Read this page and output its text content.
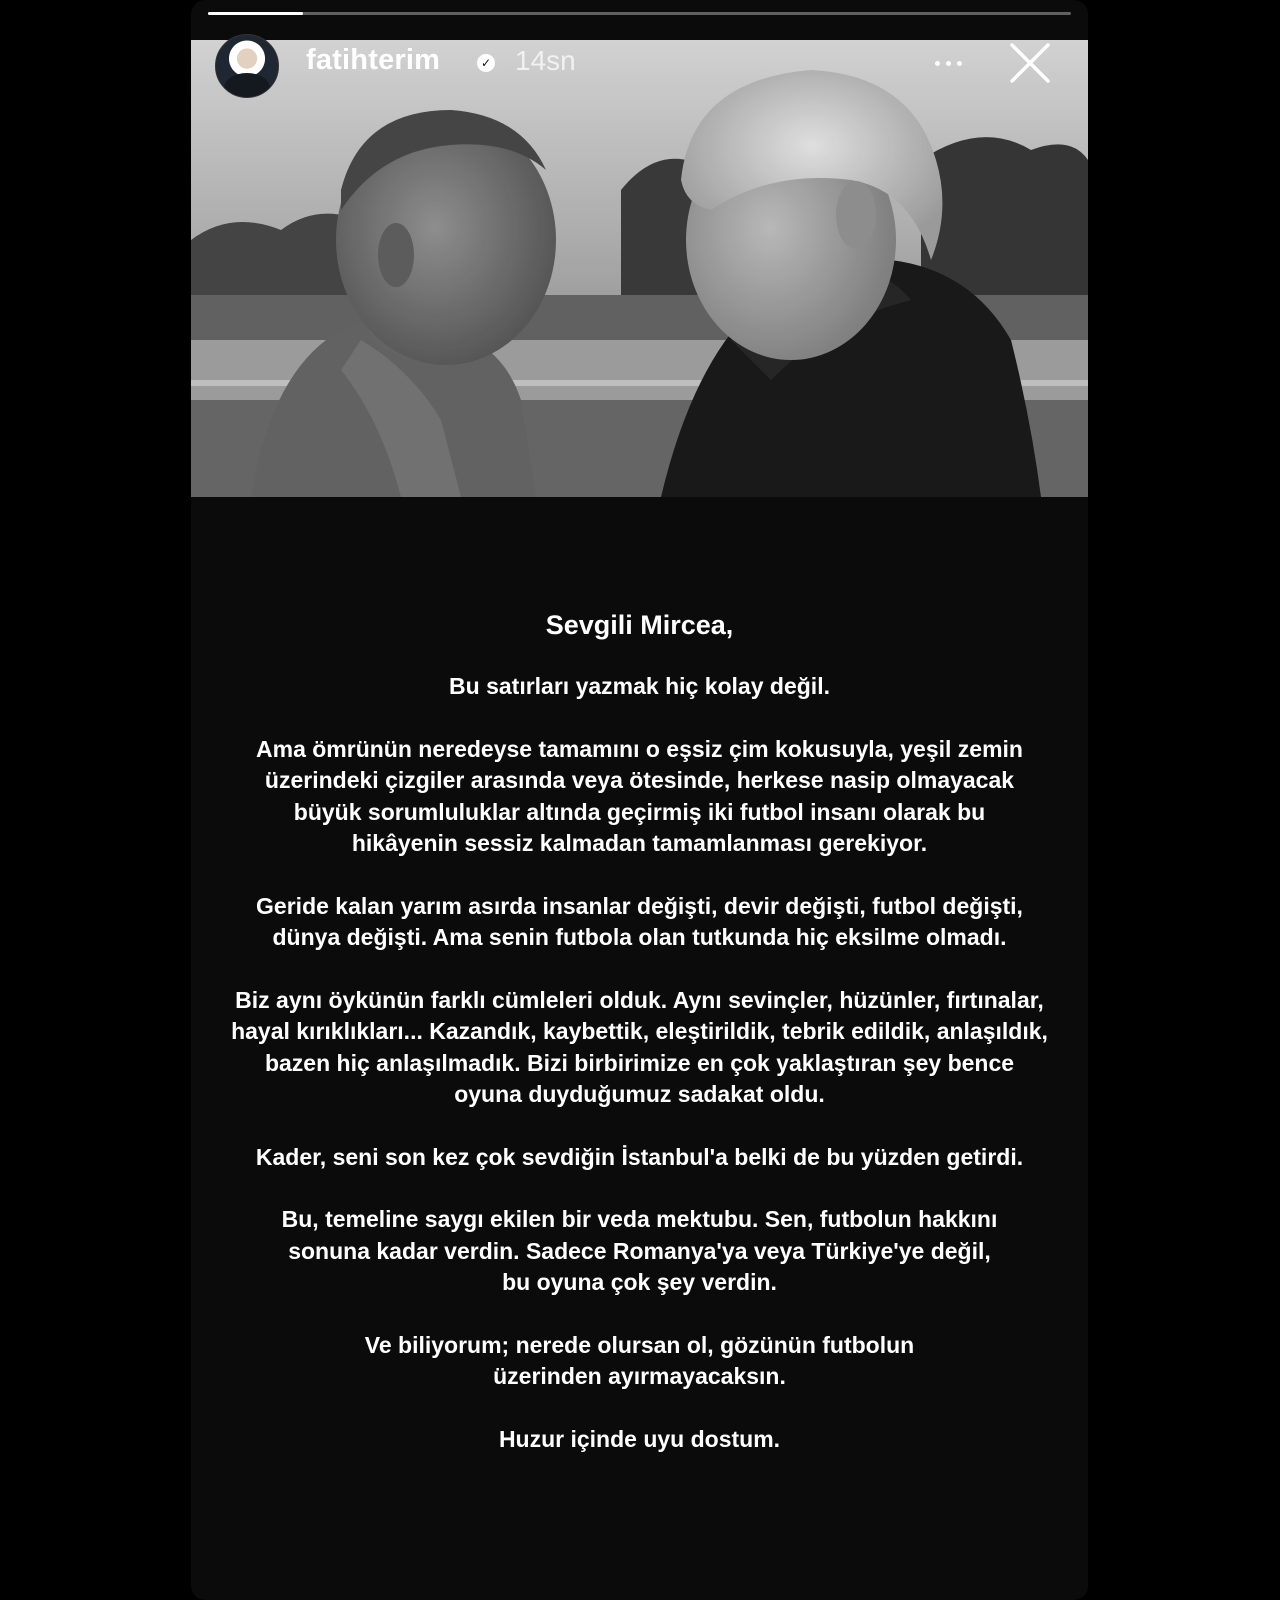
fatihterim	✓ 14sn
Sevgili Mircea,
Bu satırları yazmak hiç kolay değil.
Ama ömrünün neredeyse tamamını o eşsiz çim kokusuyla, yeşil zemin
üzerindeki çizgiler arasında veya ötesinde, herkese nasip olmayacak
büyük sorumluluklar altında geçirmiş iki futbol insanı olarak bu
hikâyenin sessiz kalmadan tamamlanması gerekiyor.
Geride kalan yarım asırda insanlar değişti, devir değişti, futbol değişti,
dünya değişti. Ama senin futbola olan tutkunda hiç eksilme olmadı.
Biz aynı öykünün farklı cümleleri olduk. Aynı sevinçler, hüzünler, fırtınalar,
hayal kırıklıkları... Kazandık, kaybettik, eleştirildik, tebrik edildik, anlaşıldık,
bazen hiç anlaşılmadık. Bizi birbirimize en çok yaklaştıran şey bence
oyuna duyduğumuz sadakat oldu.
Kader, seni son kez çok sevdiğin İstanbul'a belki de bu yüzden getirdi.
Bu, temeline saygı ekilen bir veda mektubu. Sen, futbolun hakkını
sonuna kadar verdin. Sadece Romanya'ya veya Türkiye'ye değil,
bu oyuna çok şey verdin.
Ve biliyorum; nerede olursan ol, gözünün futbolun
üzerinden ayırmayacaksın.
Huzur içinde uyu dostum.
